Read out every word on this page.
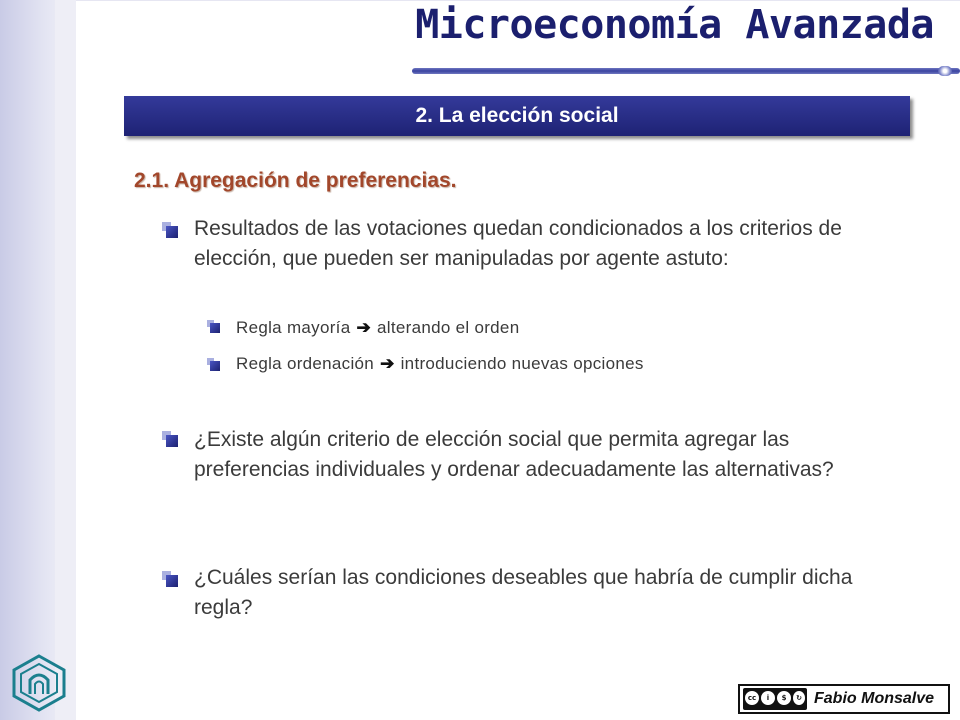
Microeconomía Avanzada
2. La elección social
2.1. Agregación de preferencias.

Resultados de las votaciones quedan condicionados a los criterios de elección, que pueden ser manipuladas por agente astuto:

Regla mayoría ➔ alterando el orden

Regla ordenación ➔ introduciendo nuevas opciones

¿Existe algún criterio de elección social que permita agregar las preferencias individuales y ordenar adecuadamente las alternativas?

¿Cuáles serían las condiciones deseables que habría de cumplir dicha regla?

cc	i	$	↻ Fabio Monsalve
